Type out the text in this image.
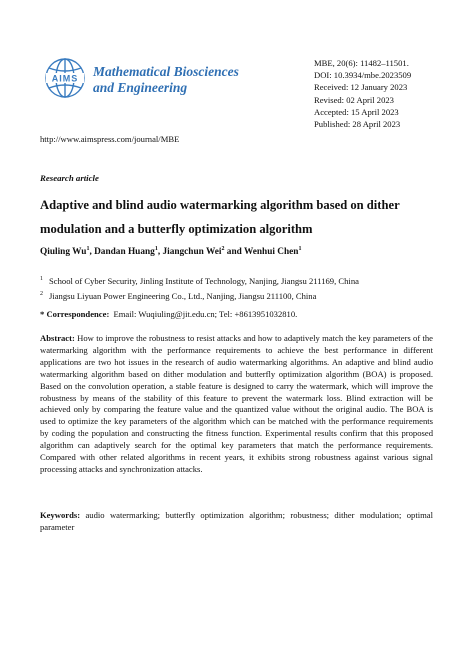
AIMS Mathematical Biosciences
and Engineering
MBE, 20(6): 11482–11501.
DOI: 10.3934/mbe.2023509
Received: 12 January 2023
Revised: 02 April 2023
Accepted: 15 April 2023
Published: 28 April 2023
http://www.aimspress.com/journal/MBE
Research article
Adaptive and blind audio watermarking algorithm based on dither modulation and a butterfly optimization algorithm
Qiuling Wu$^1$, Dandan Huang$^1$, Jiangchun Wei$^2$ and Wenhui Chen$^1$
$^1$ School of Cyber Security, Jinling Institute of Technology, Nanjing, Jiangsu 211169, China
$^2$ Jiangsu Liyuan Power Engineering Co., Ltd., Nanjing, Jiangsu 211100, China
* Correspondence: Email: Wuqiuling@jit.edu.cn; Tel: +8613951032810.
Abstract: How to improve the robustness to resist attacks and how to adaptively match the key parameters of the watermarking algorithm with the performance requirements to achieve the best performance in different applications are two hot issues in the research of audio watermarking algorithms. An adaptive and blind audio watermarking algorithm based on dither modulation and butterfly optimization algorithm (BOA) is proposed. Based on the convolution operation, a stable feature is designed to carry the watermark, which will improve the robustness by means of the stability of this feature to prevent the watermark loss. Blind extraction will be achieved only by comparing the feature value and the quantized value without the original audio. The BOA is used to optimize the key parameters of the algorithm which can be matched with the performance requirements by coding the population and constructing the fitness function. Experimental results confirm that this proposed algorithm can adaptively search for the optimal key parameters that match the performance requirements. Compared with other related algorithms in recent years, it exhibits strong robustness against various signal processing attacks and synchronization attacks.
Keywords: audio watermarking; butterfly optimization algorithm; robustness; dither modulation; optimal parameter
